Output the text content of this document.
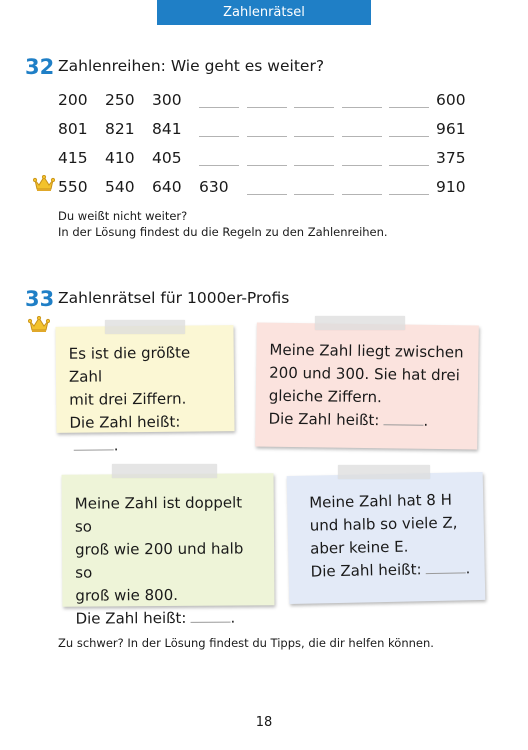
Zahlenrätsel
32 Zahlenreihen: Wie geht es weiter?
200 250 300	600
801 821 841	961
415 410 405	375
550 540 640 630	910
Du weißt nicht weiter?
In der Lösung findest du die Regeln zu den Zahlenreihen.
33 Zahlenrätsel für 1000er-Profis

Es ist die größte Zahl

mit drei Ziffern.

Die Zahl heißt:.

Meine Zahl liegt zwischen

200 und 300. Sie hat drei

gleiche Ziffern.

Die Zahl heißt:	.

Meine Zahl ist doppelt so

groß wie 200 und halb so

groß wie 800.

Die Zahl heißt:	.

Meine Zahl hat 8 H

und halb so viele Z,

aber keine E.

Die Zahl heißt:	.

Zu schwer? In der Lösung findest du Tipps, die dir helfen können.
18
